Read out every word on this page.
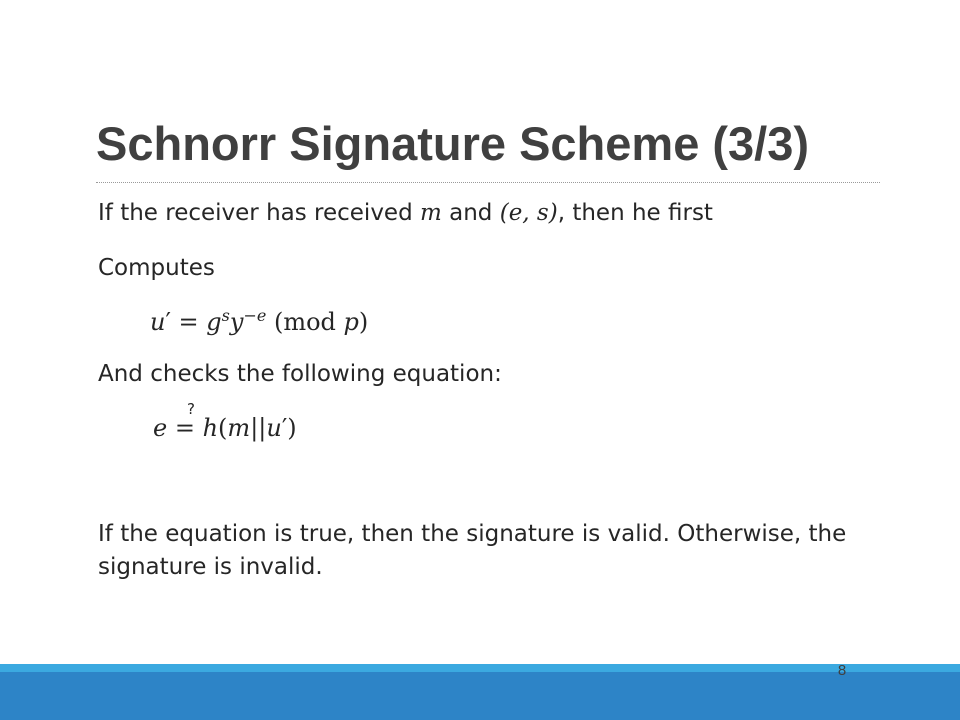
Schnorr Signature Scheme (3/3)

If the receiver has received m and (e, s), then he first

Computes

$u' = g^sy^{-e}$ (mod p)

And checks the following equation:

?

e = h(m||u′)

If the equation is true, then the signature is valid. Otherwise, the signature is invalid.

8
